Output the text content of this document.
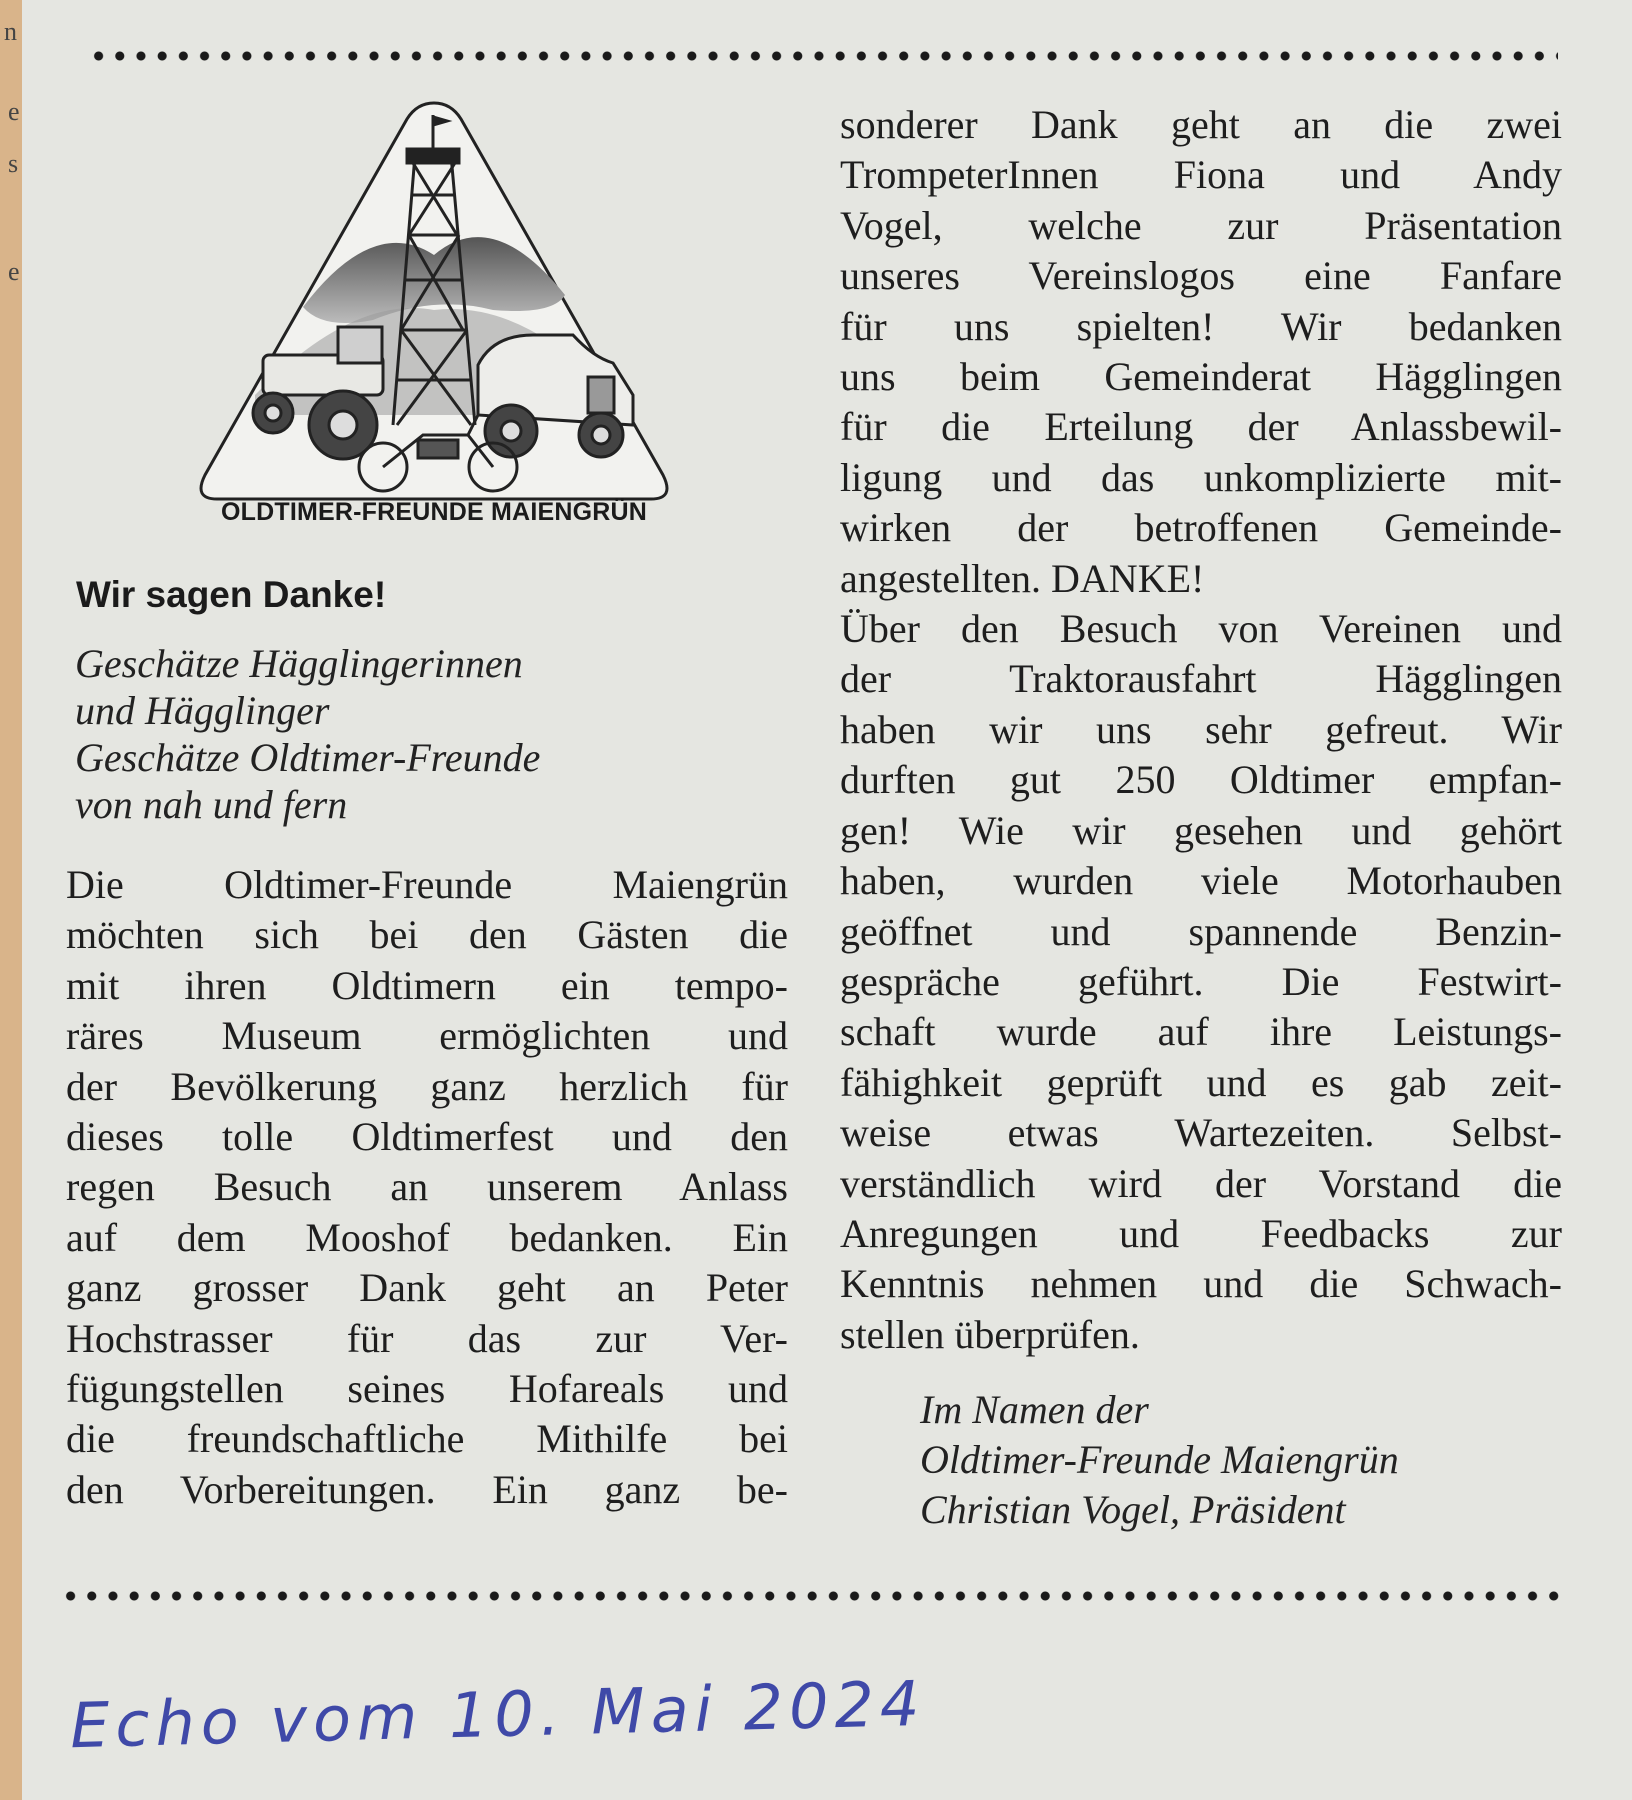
n
e
s
e
OLDTIMER-FREUNDE MAIENGRÜN
Wir sagen Danke!
Geschätze Hägglingerinnen
und Hägglinger
Geschätze Oldtimer-Freunde
von nah und fern
Die Oldtimer-Freunde Maiengrün
möchten sich bei den Gästen die
mit ihren Oldtimern ein tempo-
räres Museum ermöglichten und
der Bevölkerung ganz herzlich für
dieses tolle Oldtimerfest und den
regen Besuch an unserem Anlass
auf dem Mooshof bedanken. Ein
ganz grosser Dank geht an Peter
Hochstrasser für das zur Ver-
fügungstellen seines Hofareals und
die freundschaftliche Mithilfe bei
den Vorbereitungen. Ein ganz be-
sonderer Dank geht an die zwei
TrompeterInnen Fiona und Andy
Vogel, welche zur Präsentation
unseres Vereinslogos eine Fanfare
für uns spielten! Wir bedanken
uns beim Gemeinderat Hägglingen
für die Erteilung der Anlassbewil-
ligung und das unkomplizierte mit-
wirken der betroffenen Gemeinde-
angestellten. DANKE!
Über den Besuch von Vereinen und
der Traktorausfahrt Hägglingen
haben wir uns sehr gefreut. Wir
durften gut 250 Oldtimer empfan-
gen! Wie wir gesehen und gehört
haben, wurden viele Motorhauben
geöffnet und spannende Benzin-
gespräche geführt. Die Festwirt-
schaft wurde auf ihre Leistungs-
fähighkeit geprüft und es gab zeit-
weise etwas Wartezeiten. Selbst-
verständlich wird der Vorstand die
Anregungen und Feedbacks zur
Kenntnis nehmen und die Schwach-
stellen überprüfen.
Im Namen der
Oldtimer-Freunde Maiengrün
Christian Vogel, Präsident
Echo vom 10. Mai 2024
